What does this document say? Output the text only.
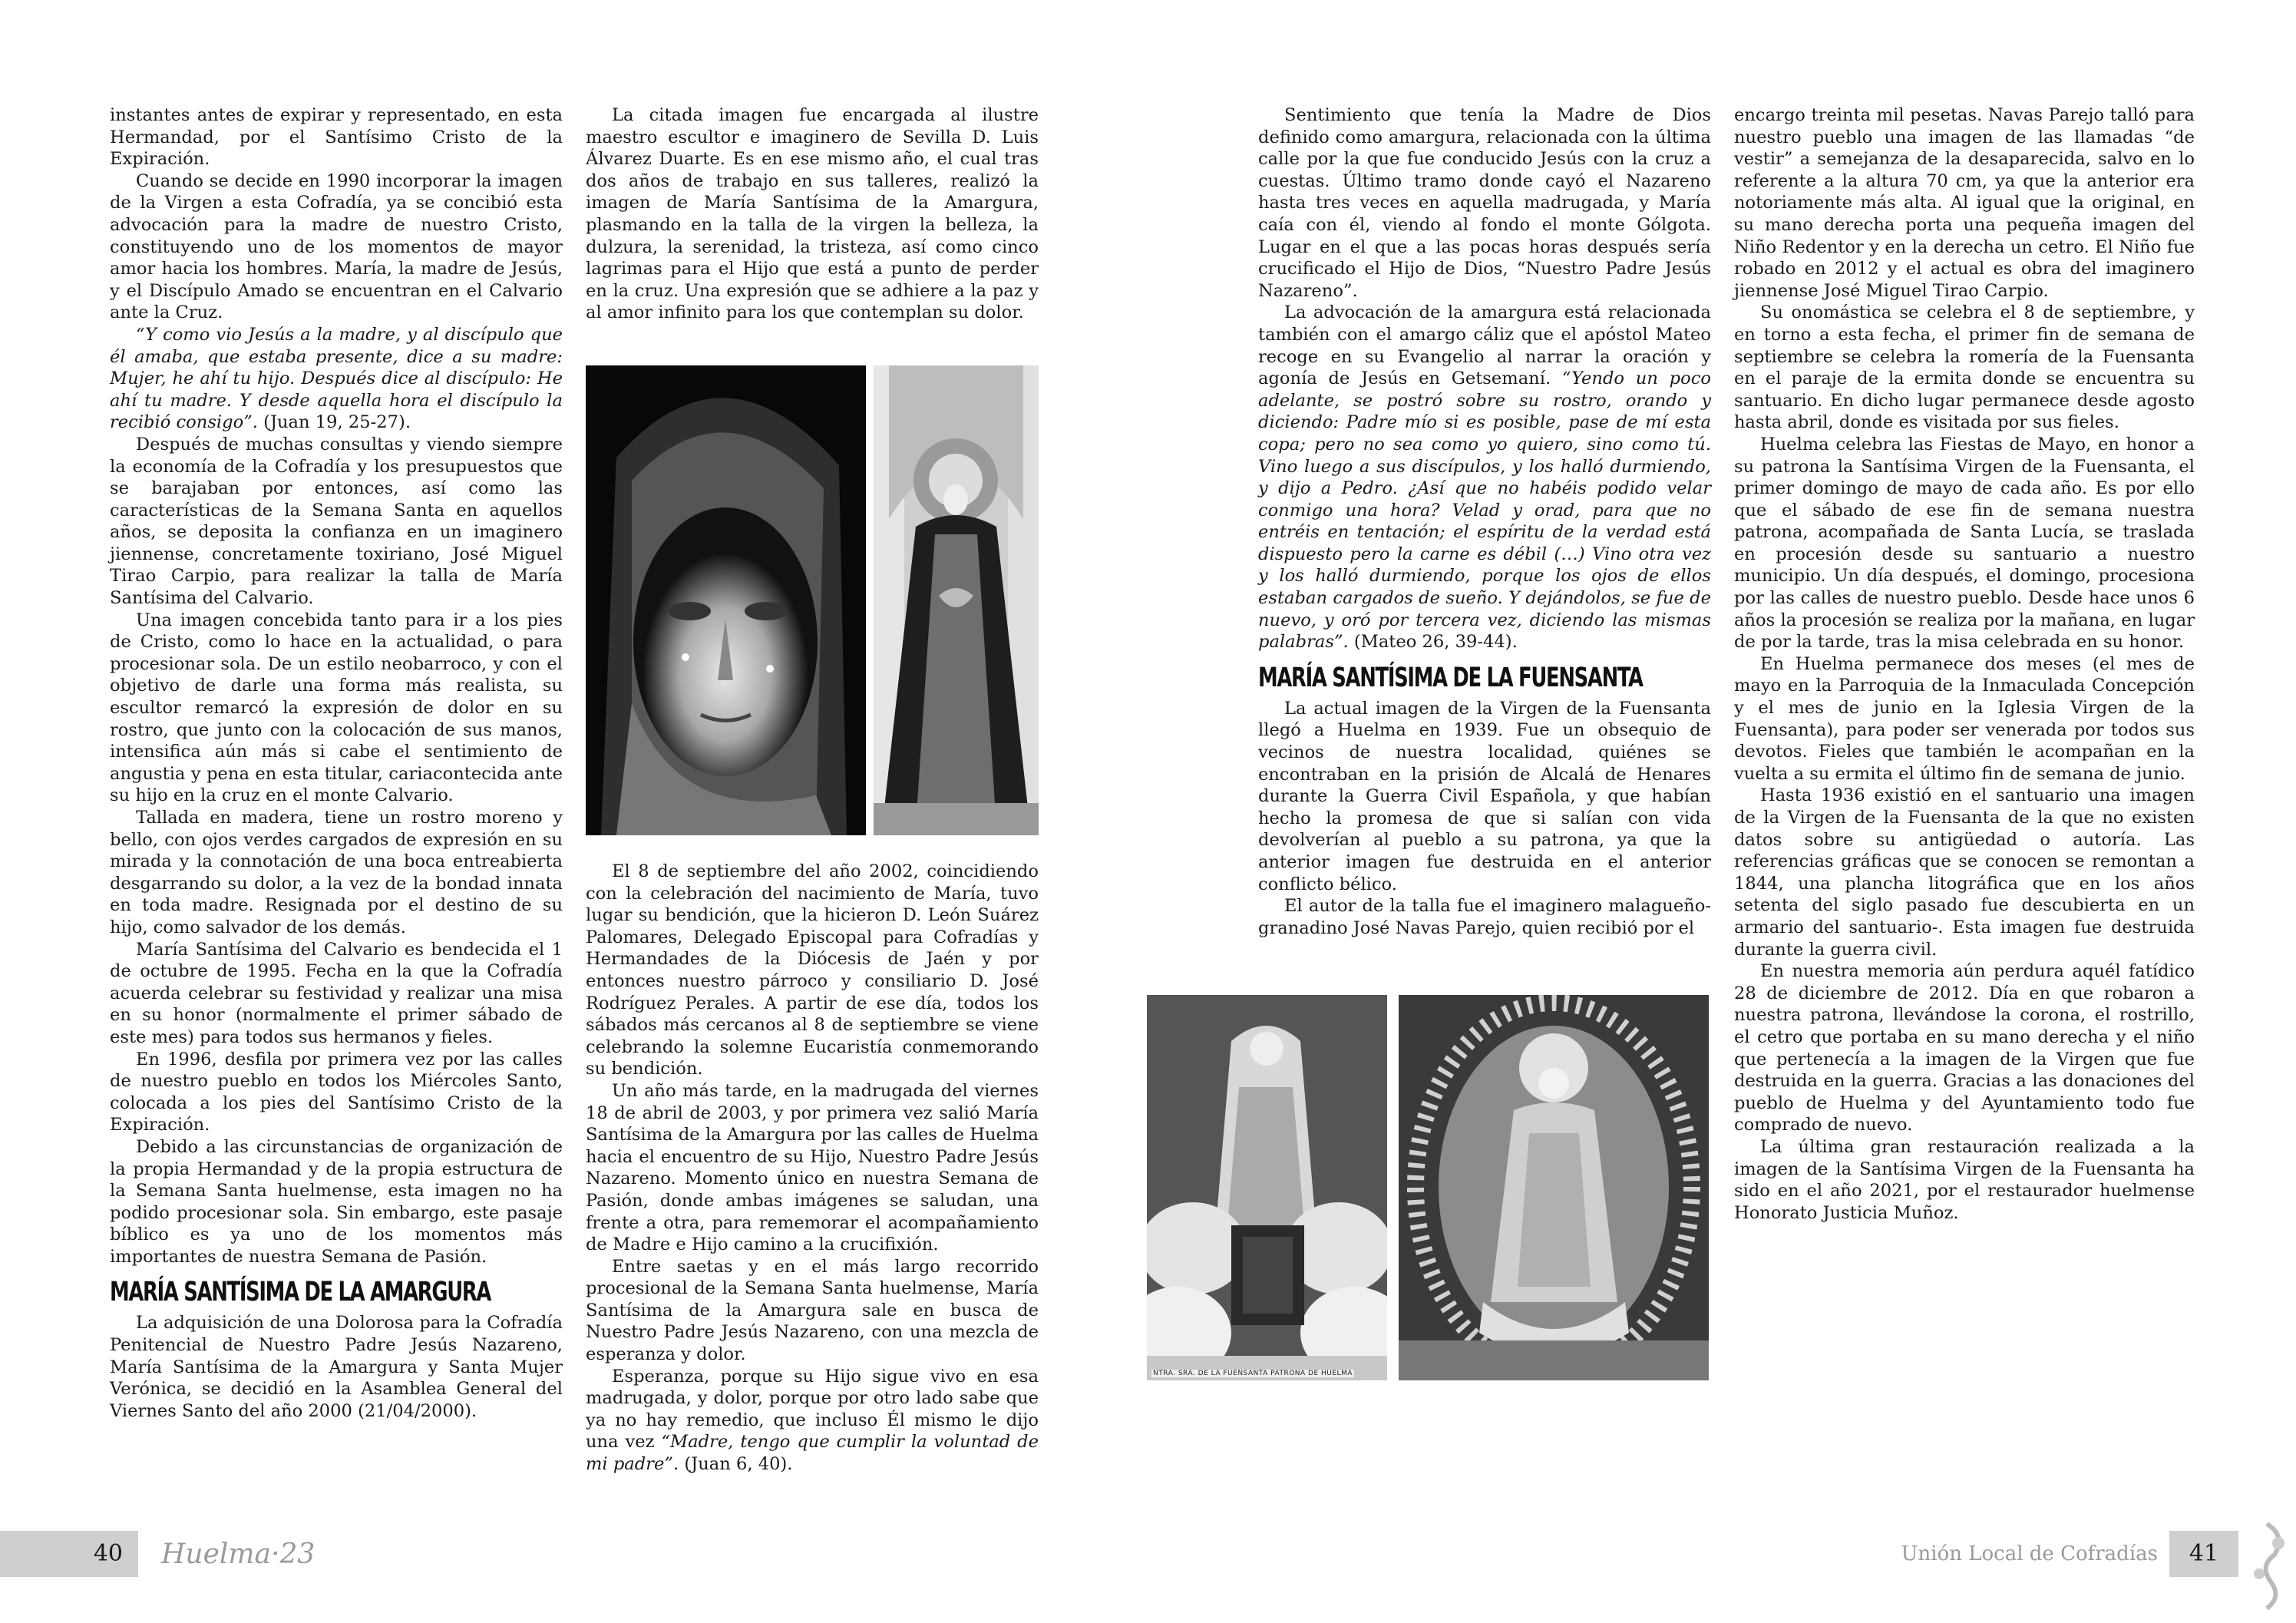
instantes antes de expirar y representado, en esta Hermandad, por el Santísimo Cristo de la Expiración.

Cuando se decide en 1990 incorporar la imagen de la Virgen a esta Cofradía, ya se concibió esta advocación para la madre de nuestro Cristo, constituyendo uno de los momentos de mayor amor hacia los hombres. María, la madre de Jesús, y el Discípulo Amado se encuentran en el Calvario ante la Cruz.

“Y como vio Jesús a la madre, y al discípulo que él amaba, que estaba presente, dice a su madre: Mujer, he ahí tu hijo. Después dice al discípulo: He ahí tu madre. Y desde aquella hora el discípulo la recibió consigo”. (Juan 19, 25-27).

Después de muchas consultas y viendo siempre la economía de la Cofradía y los presupuestos que se barajaban por entonces, así como las características de la Semana Santa en aquellos años, se deposita la confianza en un imaginero jiennense, concretamente toxiriano, José Miguel Tirao Carpio, para realizar la talla de María Santísima del Calvario.

Una imagen concebida tanto para ir a los pies de Cristo, como lo hace en la actualidad, o para procesionar sola. De un estilo neobarroco, y con el objetivo de darle una forma más realista, su escultor remarcó la expresión de dolor en su rostro, que junto con la colocación de sus manos, intensifica aún más si cabe el sentimiento de angustia y pena en esta titular, cariacontecida ante su hijo en la cruz en el monte Calvario.

Tallada en madera, tiene un rostro moreno y bello, con ojos verdes cargados de expresión en su mirada y la connotación de una boca entreabierta desgarrando su dolor, a la vez de la bondad innata en toda madre. Resignada por el destino de su hijo, como salvador de los demás.

María Santísima del Calvario es bendecida el 1 de octubre de 1995. Fecha en la que la Cofradía acuerda celebrar su festividad y realizar una misa en su honor (normalmente el primer sábado de este mes) para todos sus hermanos y fieles.

En 1996, desfila por primera vez por las calles de nuestro pueblo en todos los Miércoles Santo, colocada a los pies del Santísimo Cristo de la Expiración.

Debido a las circunstancias de organización de la propia Hermandad y de la propia estructura de la Semana Santa huelmense, esta imagen no ha podido procesionar sola. Sin embargo, este pasaje bíblico es ya uno de los momentos más importantes de nuestra Semana de Pasión.

MARÍA SANTÍSIMA DE LA AMARGURA

La adquisición de una Dolorosa para la Cofradía Penitencial de Nuestro Padre Jesús Nazareno, María Santísima de la Amargura y Santa Mujer Verónica, se decidió en la Asamblea General del Viernes Santo del año 2000 (21/04/2000).

La citada imagen fue encargada al ilustre maestro escultor e imaginero de Sevilla D. Luis Álvarez Duarte. Es en ese mismo año, el cual tras dos años de trabajo en sus talleres, realizó la imagen de María Santísima de la Amargura, plasmando en la talla de la virgen la belleza, la dulzura, la serenidad, la tristeza, así como cinco lagrimas para el Hijo que está a punto de perder en la cruz. Una expresión que se adhiere a la paz y al amor infinito para los que contemplan su dolor.

El 8 de septiembre del año 2002, coincidiendo con la celebración del nacimiento de María, tuvo lugar su bendición, que la hicieron D. León Suárez Palomares, Delegado Episcopal para Cofradías y Hermandades de la Diócesis de Jaén y por entonces nuestro párroco y consiliario D. José Rodríguez Perales. A partir de ese día, todos los sábados más cercanos al 8 de septiembre se viene celebrando la solemne Eucaristía conmemorando su bendición.

Un año más tarde, en la madrugada del viernes 18 de abril de 2003, y por primera vez salió María Santísima de la Amargura por las calles de Huelma hacia el encuentro de su Hijo, Nuestro Padre Jesús Nazareno. Momento único en nuestra Semana de Pasión, donde ambas imágenes se saludan, una frente a otra, para rememorar el acompañamiento de Madre e Hijo camino a la crucifixión.

Entre saetas y en el más largo recorrido procesional de la Semana Santa huelmense, María Santísima de la Amargura sale en busca de Nuestro Padre Jesús Nazareno, con una mezcla de esperanza y dolor.

Esperanza, porque su Hijo sigue vivo en esa madrugada, y dolor, porque por otro lado sabe que ya no hay remedio, que incluso Él mismo le dijo una vez “Madre, tengo que cumplir la voluntad de mi padre”. (Juan 6, 40).

Sentimiento que tenía la Madre de Dios definido como amargura, relacionada con la última calle por la que fue conducido Jesús con la cruz a cuestas. Último tramo donde cayó el Nazareno hasta tres veces en aquella madrugada, y María caía con él, viendo al fondo el monte Gólgota. Lugar en el que a las pocas horas después sería crucificado el Hijo de Dios, “Nuestro Padre Jesús Nazareno”.

La advocación de la amargura está relacionada también con el amargo cáliz que el apóstol Mateo recoge en su Evangelio al narrar la oración y agonía de Jesús en Getsemaní. “Yendo un poco adelante, se postró sobre su rostro, orando y diciendo: Padre mío si es posible, pase de mí esta copa; pero no sea como yo quiero, sino como tú. Vino luego a sus discípulos, y los halló durmiendo, y dijo a Pedro. ¿Así que no habéis podido velar conmigo una hora? Velad y orad, para que no entréis en tentación; el espíritu de la verdad está dispuesto pero la carne es débil (…) Vino otra vez y los halló durmiendo, porque los ojos de ellos estaban cargados de sueño. Y dejándolos, se fue de nuevo, y oró por tercera vez, diciendo las mismas palabras”. (Mateo 26, 39-44).

MARÍA SANTÍSIMA DE LA FUENSANTA

La actual imagen de la Virgen de la Fuensanta llegó a Huelma en 1939. Fue un obsequio de vecinos de nuestra localidad, quiénes se encontraban en la prisión de Alcalá de Henares durante la Guerra Civil Española, y que habían hecho la promesa de que si salían con vida devolverían al pueblo a su patrona, ya que la anterior imagen fue destruida en el anterior conflicto bélico.

El autor de la talla fue el imaginero malagueño-granadino José Navas Parejo, quien recibió por el

NTRA. SRA. DE LA FUENSANTA PATRONA DE HUELMA

encargo treinta mil pesetas. Navas Parejo talló para nuestro pueblo una imagen de las llamadas “de vestir” a semejanza de la desaparecida, salvo en lo referente a la altura 70 cm, ya que la anterior era notoriamente más alta. Al igual que la original, en su mano derecha porta una pequeña imagen del Niño Redentor y en la derecha un cetro. El Niño fue robado en 2012 y el actual es obra del imaginero jiennense José Miguel Tirao Carpio.

Su onomástica se celebra el 8 de septiembre, y en torno a esta fecha, el primer fin de semana de septiembre se celebra la romería de la Fuensanta en el paraje de la ermita donde se encuentra su santuario. En dicho lugar permanece desde agosto hasta abril, donde es visitada por sus fieles.

Huelma celebra las Fiestas de Mayo, en honor a su patrona la Santísima Virgen de la Fuensanta, el primer domingo de mayo de cada año. Es por ello que el sábado de ese fin de semana nuestra patrona, acompañada de Santa Lucía, se traslada en procesión desde su santuario a nuestro municipio. Un día después, el domingo, procesiona por las calles de nuestro pueblo. Desde hace unos 6 años la procesión se realiza por la mañana, en lugar de por la tarde, tras la misa celebrada en su honor.

En Huelma permanece dos meses (el mes de mayo en la Parroquia de la Inmaculada Concepción y el mes de junio en la Iglesia Virgen de la Fuensanta), para poder ser venerada por todos sus devotos. Fieles que también le acompañan en la vuelta a su ermita el último fin de semana de junio.

Hasta 1936 existió en el santuario una imagen de la Virgen de la Fuensanta de la que no existen datos sobre su antigüedad o autoría. Las referencias gráficas que se conocen se remontan a 1844, una plancha litográfica que en los años setenta del siglo pasado fue descubierta en un armario del santuario-. Esta imagen fue destruida durante la guerra civil.

En nuestra memoria aún perdura aquél fatídico 28 de diciembre de 2012. Día en que robaron a nuestra patrona, llevándose la corona, el rostrillo, el cetro que portaba en su mano derecha y el niño que pertenecía a la imagen de la Virgen que fue destruida en la guerra. Gracias a las donaciones del pueblo de Huelma y del Ayuntamiento todo fue comprado de nuevo.

La última gran restauración realizada a la imagen de la Santísima Virgen de la Fuensanta ha sido en el año 2021, por el restaurador huelmense Honorato Justicia Muñoz.

40	Huelma·23	Unión Local de Cofradías	41
